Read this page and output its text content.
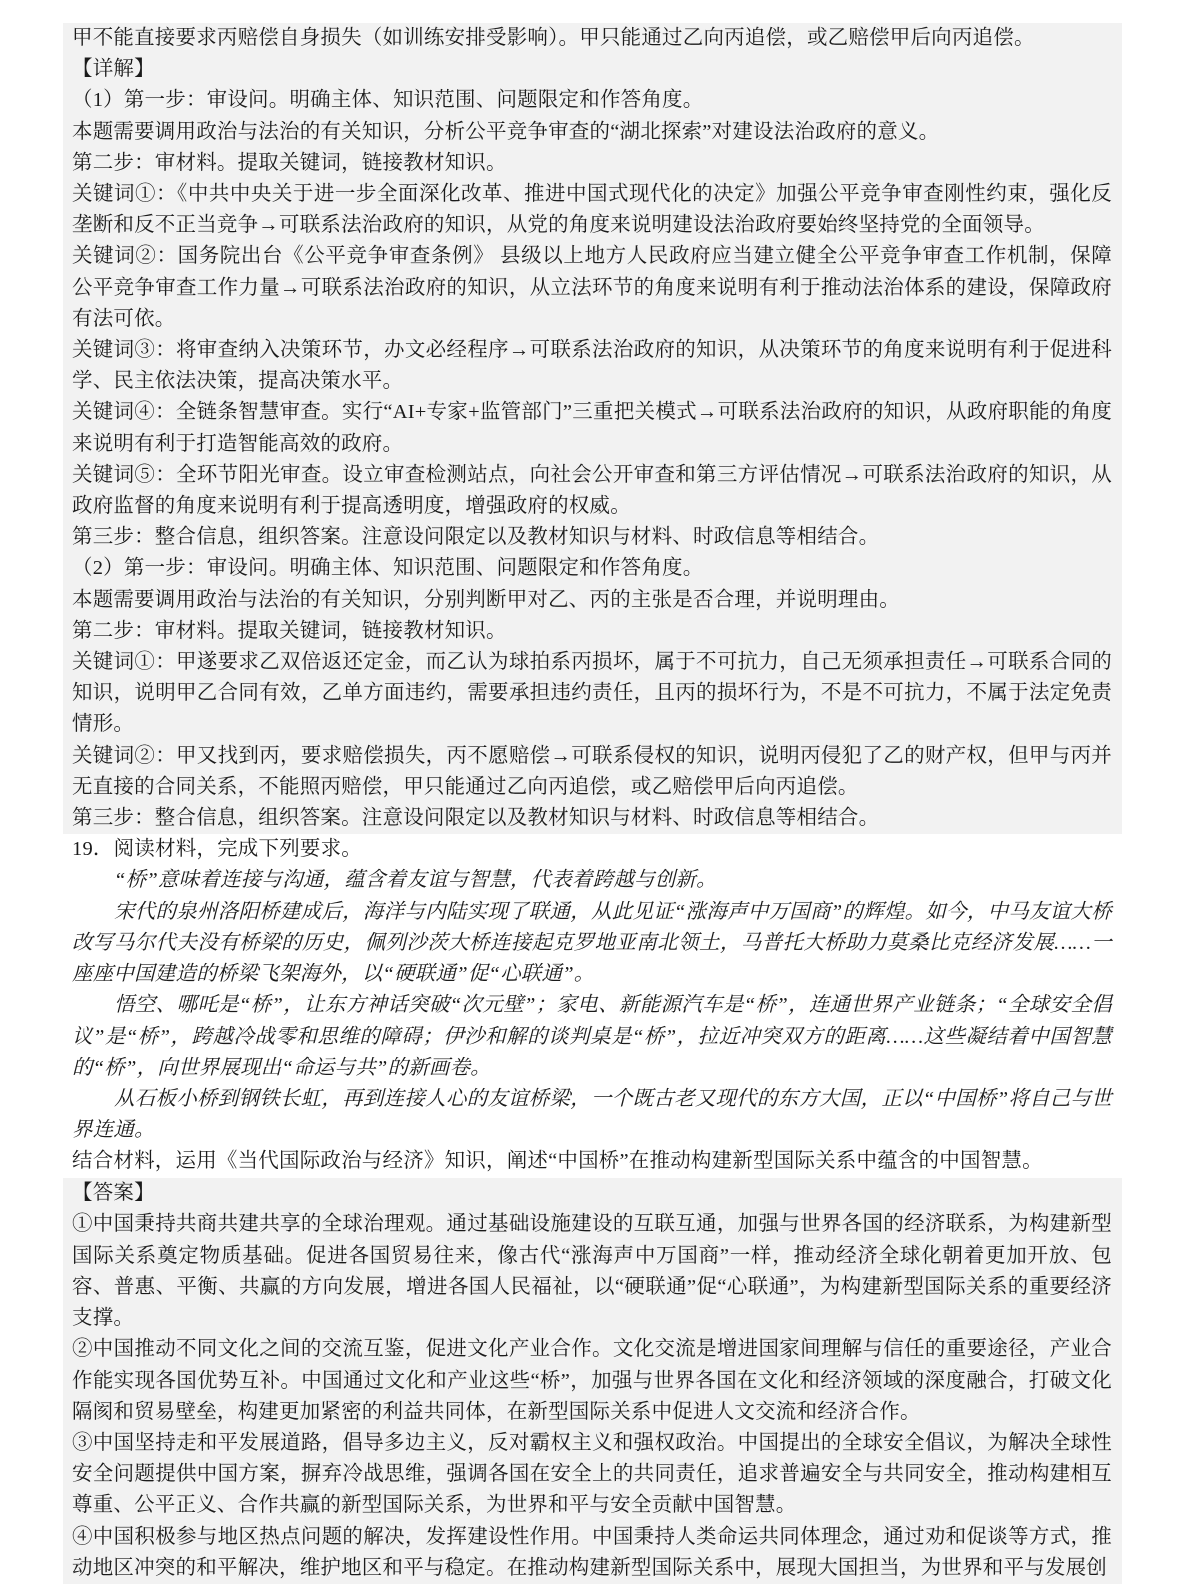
甲不能直接要求丙赔偿自身损失（如训练安排受影响）。甲只能通过乙向丙追偿，或乙赔偿甲后向丙追偿。

【详解】

（1）第一步：审设问。明确主体、知识范围、问题限定和作答角度。

本题需要调用政治与法治的有关知识，分析公平竞争审查的“湖北探索”对建设法治政府的意义。

第二步：审材料。提取关键词，链接教材知识。

关键词①：《中共中央关于进一步全面深化改革、推进中国式现代化的决定》加强公平竞争审查刚性约束，强化反垄断和反不正当竞争→可联系法治政府的知识，从党的角度来说明建设法治政府要始终坚持党的全面领导。

关键词②：国务院出台《公平竞争审查条例》 县级以上地方人民政府应当建立健全公平竞争审查工作机制，保障公平竞争审查工作力量→可联系法治政府的知识，从立法环节的角度来说明有利于推动法治体系的建设，保障政府有法可依。

关键词③：将审查纳入决策环节，办文必经程序→可联系法治政府的知识，从决策环节的角度来说明有利于促进科学、民主依法决策，提高决策水平。

关键词④：全链条智慧审查。实行“AI+专家+监管部门”三重把关模式→可联系法治政府的知识，从政府职能的角度来说明有利于打造智能高效的政府。

关键词⑤：全环节阳光审查。设立审查检测站点，向社会公开审查和第三方评估情况→可联系法治政府的知识，从政府监督的角度来说明有利于提高透明度，增强政府的权威。

第三步：整合信息，组织答案。注意设问限定以及教材知识与材料、时政信息等相结合。

（2）第一步：审设问。明确主体、知识范围、问题限定和作答角度。

本题需要调用政治与法治的有关知识，分别判断甲对乙、丙的主张是否合理，并说明理由。

第二步：审材料。提取关键词，链接教材知识。

关键词①：甲遂要求乙双倍返还定金，而乙认为球拍系丙损坏，属于不可抗力，自己无须承担责任→可联系合同的知识，说明甲乙合同有效，乙单方面违约，需要承担违约责任，且丙的损坏行为，不是不可抗力，不属于法定免责情形。

关键词②：甲又找到丙，要求赔偿损失，丙不愿赔偿→可联系侵权的知识，说明丙侵犯了乙的财产权，但甲与丙并无直接的合同关系，不能照丙赔偿，甲只能通过乙向丙追偿，或乙赔偿甲后向丙追偿。

第三步：整合信息，组织答案。注意设问限定以及教材知识与材料、时政信息等相结合。

19．阅读材料，完成下列要求。

“桥”意味着连接与沟通，蕴含着友谊与智慧，代表着跨越与创新。

宋代的泉州洛阳桥建成后，海洋与内陆实现了联通，从此见证“涨海声中万国商”的辉煌。如今，中马友谊大桥改写马尔代夫没有桥梁的历史，佩列沙茨大桥连接起克罗地亚南北领土，马普托大桥助力莫桑比克经济发展……一座座中国建造的桥梁飞架海外，以“硬联通”促“心联通”。

悟空、哪吒是“桥”，让东方神话突破“次元壁”；家电、新能源汽车是“桥”，连通世界产业链条；“全球安全倡议”是“桥”，跨越冷战零和思维的障碍；伊沙和解的谈判桌是“桥”，拉近冲突双方的距离……这些凝结着中国智慧的“桥”，向世界展现出“命运与共”的新画卷。

从石板小桥到钢铁长虹，再到连接人心的友谊桥梁，一个既古老又现代的东方大国，正以“中国桥”将自己与世界连通。

结合材料，运用《当代国际政治与经济》知识，阐述“中国桥”在推动构建新型国际关系中蕴含的中国智慧。

【答案】

①中国秉持共商共建共享的全球治理观。通过基础设施建设的互联互通，加强与世界各国的经济联系，为构建新型国际关系奠定物质基础。促进各国贸易往来，像古代“涨海声中万国商”一样，推动经济全球化朝着更加开放、包容、普惠、平衡、共赢的方向发展，增进各国人民福祉，以“硬联通”促“心联通”，为构建新型国际关系的重要经济支撑。

②中国推动不同文化之间的交流互鉴，促进文化产业合作。文化交流是增进国家间理解与信任的重要途径，产业合作能实现各国优势互补。中国通过文化和产业这些“桥”，加强与世界各国在文化和经济领域的深度融合，打破文化隔阂和贸易壁垒，构建更加紧密的利益共同体，在新型国际关系中促进人文交流和经济合作。

③中国坚持走和平发展道路，倡导多边主义，反对霸权主义和强权政治。中国提出的全球安全倡议，为解决全球性安全问题提供中国方案，摒弃冷战思维，强调各国在安全上的共同责任，追求普遍安全与共同安全，推动构建相互尊重、公平正义、合作共赢的新型国际关系，为世界和平与安全贡献中国智慧。

④中国积极参与地区热点问题的解决，发挥建设性作用。中国秉持人类命运共同体理念，通过劝和促谈等方式，推动地区冲突的和平解决，维护地区和平与稳定。在推动构建新型国际关系中，展现大国担当，为世界和平与发展创
